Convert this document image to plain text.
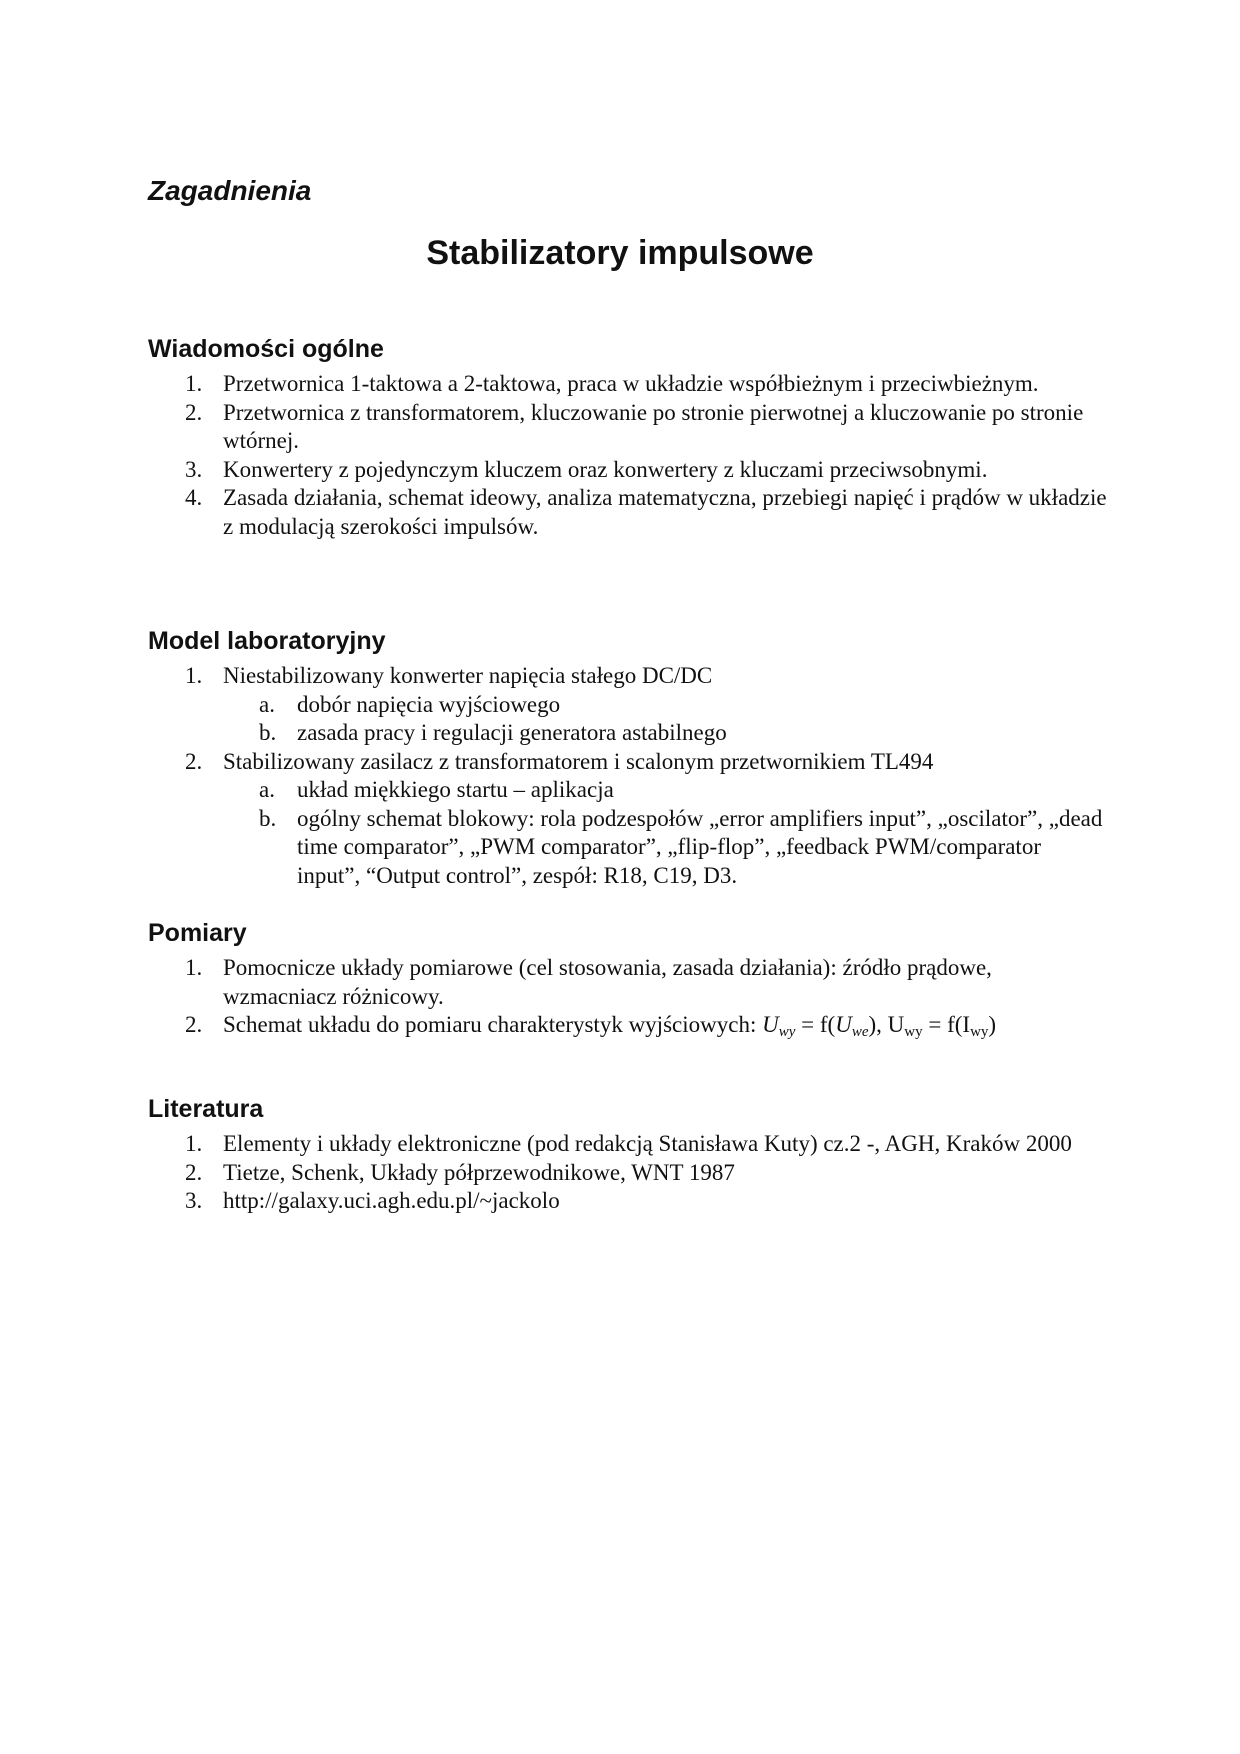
Zagadnienia
Stabilizatory impulsowe
Wiadomości ogólne
1. Przetwornica 1-taktowa a 2-taktowa, praca w układzie współbieżnym i przeciwbieżnym.
2. Przetwornica z transformatorem, kluczowanie po stronie pierwotnej a kluczowanie po stronie wtórnej.
3. Konwertery z pojedynczym kluczem oraz konwertery z kluczami przeciwsobnymi.
4. Zasada działania, schemat ideowy, analiza matematyczna, przebiegi napięć i prądów w układzie z modulacją szerokości impulsów.
Model laboratoryjny
1. Niestabilizowany konwerter napięcia stałego DC/DC
a. dobór napięcia wyjściowego
b. zasada pracy i regulacji generatora astabilnego
2. Stabilizowany zasilacz z transformatorem i scalonym przetwornikiem TL494
a. układ miękkiego startu – aplikacja
b. ogólny schemat blokowy: rola podzespołów „error amplifiers input”, „oscilator”, „dead time comparator”, „PWM comparator”, „flip-flop”, „feedback PWM/comparator input”, “Output control”, zespół: R18, C19, D3.
Pomiary
1. Pomocnicze układy pomiarowe (cel stosowania, zasada działania): źródło prądowe, wzmacniacz różnicowy.
2. Schemat układu do pomiaru charakterystyk wyjściowych: $U_{wy} = f(U_{we})$, $U_{wy} = f(I_{wy})$
Literatura
1. Elementy i układy elektroniczne (pod redakcją Stanisława Kuty) cz.2 -, AGH, Kraków 2000
2. Tietze, Schenk, Układy półprzewodnikowe, WNT 1987
3. http://galaxy.uci.agh.edu.pl/~jackolo
